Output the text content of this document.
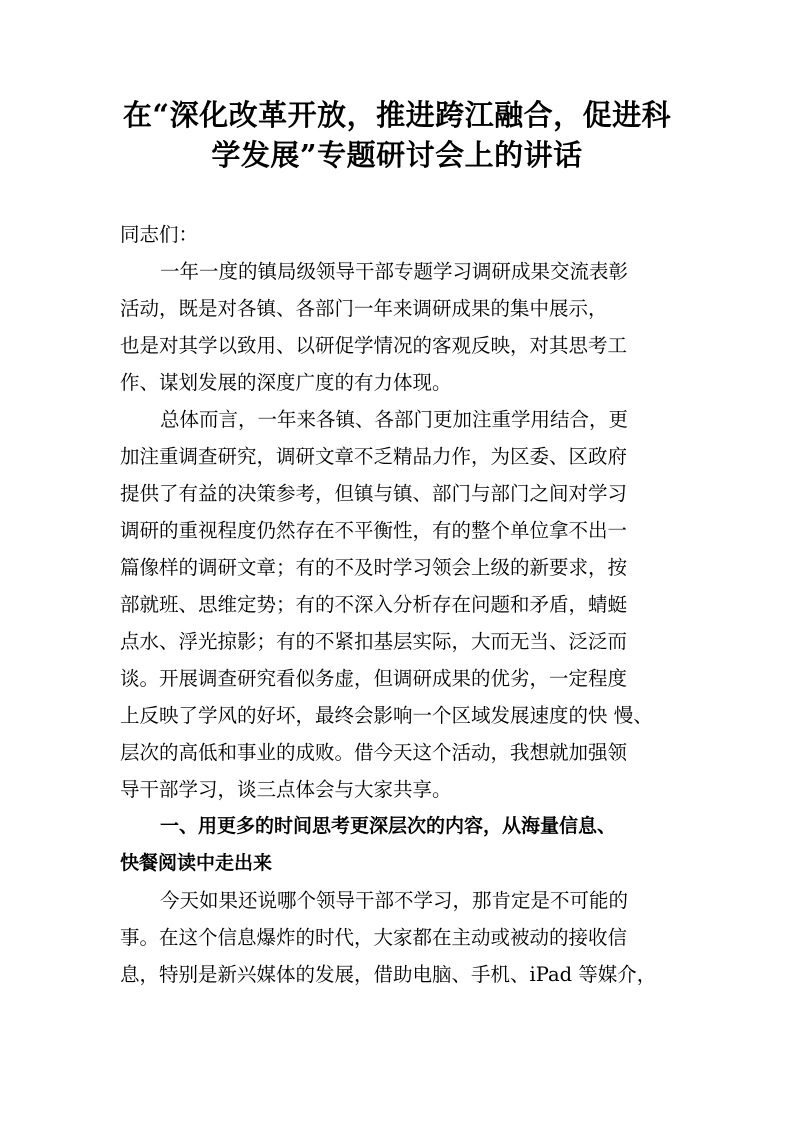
在“深化改革开放，推进跨江融合，促进科
学发展”专题研讨会上的讲话

同志们：

一年一度的镇局级领导干部专题学习调研成果交流表彰

活动，既是对各镇、各部门一年来调研成果的集中展示，

也是对其学以致用、以研促学情况的客观反映，对其思考工

作、谋划发展的深度广度的有力体现。

总体而言，一年来各镇、各部门更加注重学用结合，更

加注重调查研究，调研文章不乏精品力作，为区委、区政府

提供了有益的决策参考，但镇与镇、部门与部门之间对学习

调研的重视程度仍然存在不平衡性，有的整个单位拿不出一

篇像样的调研文章；有的不及时学习领会上级的新要求，按

部就班、思维定势；有的不深入分析存在问题和矛盾，蜻蜓

点水、浮光掠影；有的不紧扣基层实际，大而无当、泛泛而

谈。开展调查研究看似务虚，但调研成果的优劣，一定程度

上反映了学风的好坏，最终会影响一个区域发展速度的快 慢、

层次的高低和事业的成败。借今天这个活动，我想就加强领

导干部学习，谈三点体会与大家共享。

一、用更多的时间思考更深层次的内容，从海量信息、

快餐阅读中走出来

今天如果还说哪个领导干部不学习，那肯定是不可能的

事。在这个信息爆炸的时代，大家都在主动或被动的接收信

息，特别是新兴媒体的发展，借助电脑、手机、iPad 等媒介，
